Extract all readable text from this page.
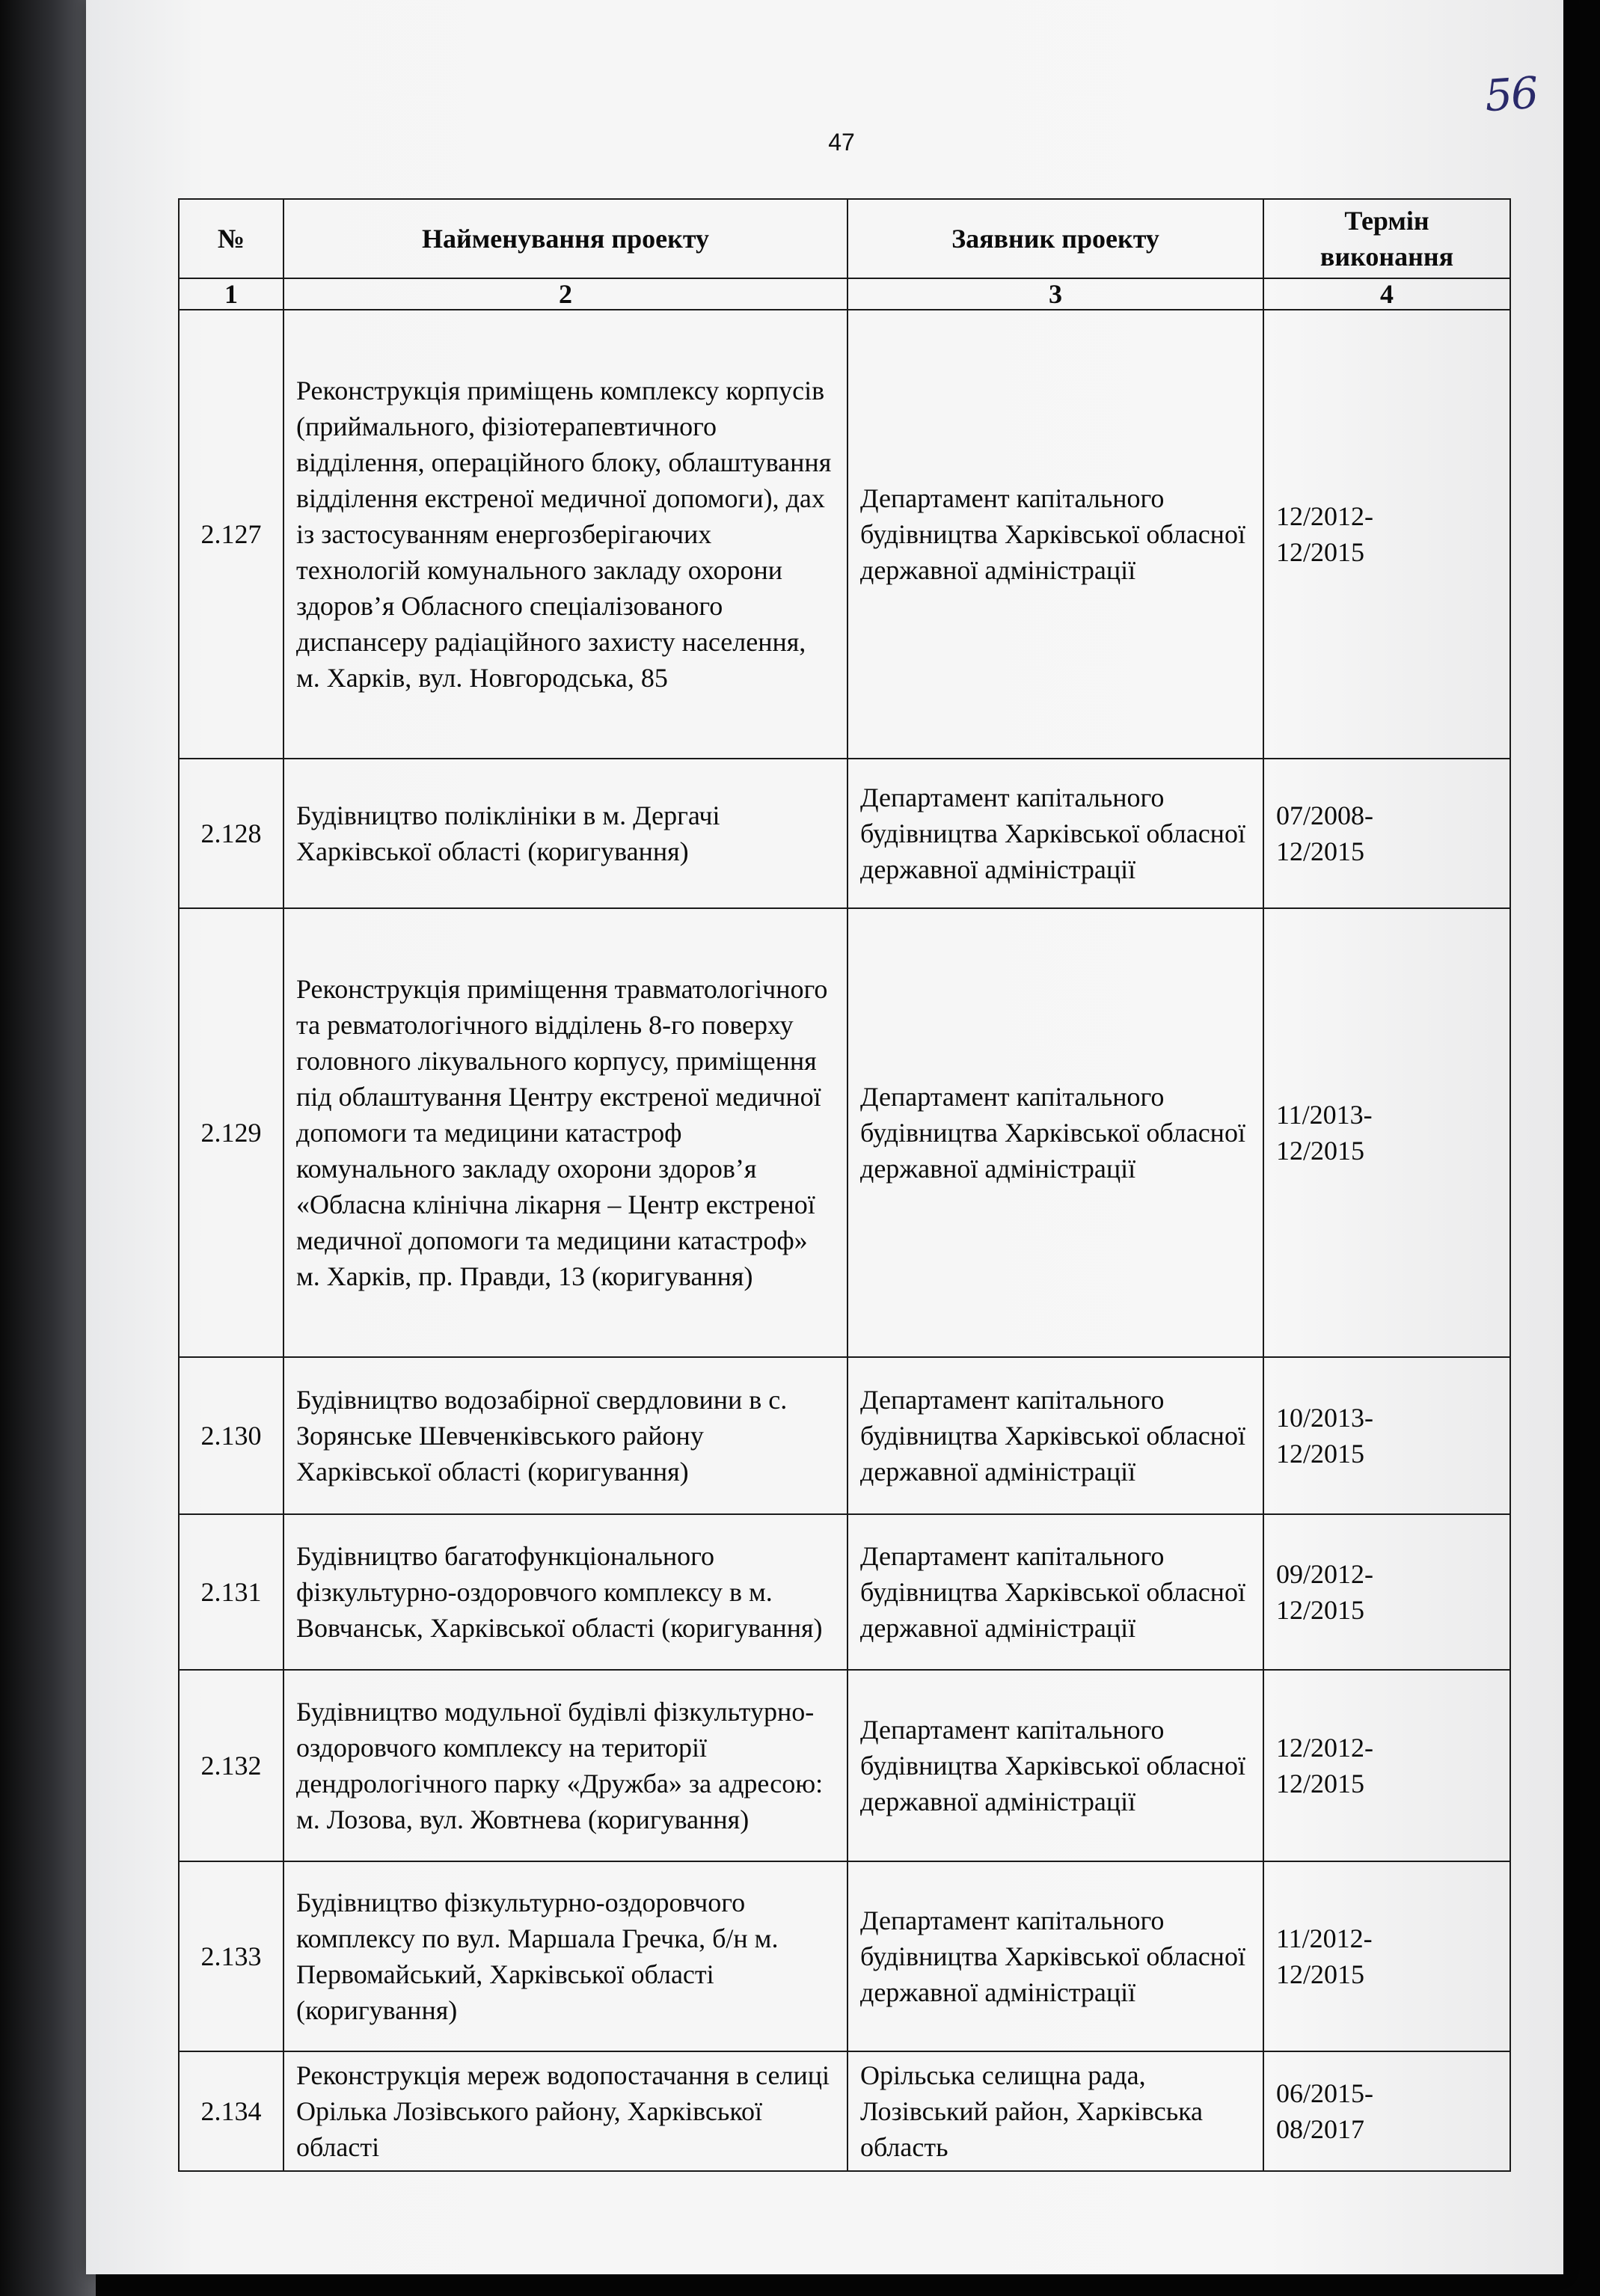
56
47
№	Найменування проекту	Заявник проекту	Термін виконання
1	2	3	4
2.127	Реконструкція приміщень комплексу корпусів (приймального, фізіотерапевтичного відділення, операційного блоку, облаштування відділення екстреної медичної допомоги), дах із застосуванням енергозберігаючих технологій комунального закладу охорони здоров’я Обласного спеціалізованого диспансеру радіаційного захисту населення, м. Харків, вул. Новгородська, 85	Департамент капітального будівництва Харківської обласної державної адміністрації	12/2012-
12/2015
2.128	Будівництво поліклініки в м. Дергачі Харківської області (коригування)	Департамент капітального будівництва Харківської обласної державної адміністрації	07/2008-
12/2015
2.129	Реконструкція приміщення травматологічного та ревматологічного відділень 8-го поверху головного лікувального корпусу, приміщення під облаштування Центру екстреної медичної допомоги та медицини катастроф комунального закладу охорони здоров’я «Обласна клінічна лікарня – Центр екстреної медичної допомоги та медицини катастроф» м. Харків, пр. Правди, 13 (коригування)	Департамент капітального будівництва Харківської обласної державної адміністрації	11/2013-
12/2015
2.130	Будівництво водозабірної свердловини в с. Зорянське Шевченківського району Харківської області (коригування)	Департамент капітального будівництва Харківської обласної державної адміністрації	10/2013-
12/2015
2.131	Будівництво багатофункціонального фізкультурно-оздоровчого комплексу в м. Вовчанськ, Харківської області (коригування)	Департамент капітального будівництва Харківської обласної державної адміністрації	09/2012-
12/2015
2.132	Будівництво модульної будівлі фізкультурно-оздоровчого комплексу на території дендрологічного парку «Дружба» за адресою: м. Лозова, вул. Жовтнева (коригування)	Департамент капітального будівництва Харківської обласної державної адміністрації	12/2012-
12/2015
2.133	Будівництво фізкультурно-оздоровчого комплексу по вул. Маршала Гречка, б/н м. Первомайський, Харківської області (коригування)	Департамент капітального будівництва Харківської обласної державної адміністрації	11/2012-
12/2015
2.134	Реконструкція мереж водопостачання в селиці Орілька Лозівського району, Харківської області	Орільська селищна рада, Лозівський район, Харківська область	06/2015-
08/2017
